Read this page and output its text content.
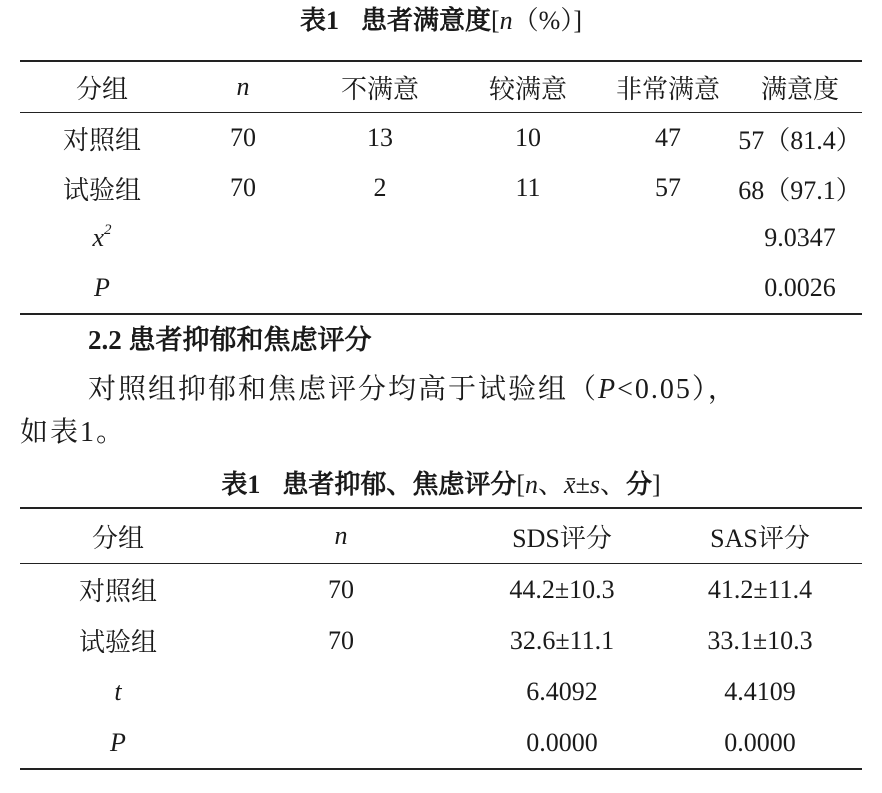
表1 患者满意度[n（%）]
分组	n	不满意	较满意	非常满意	满意度
对照组	70	13	10	47	57（81.4）
试验组	70	2	11	57	68（97.1）
$x^2$					9.0347
P					0.0026
2.2 患者抑郁和焦虑评分
对照组抑郁和焦虑评分均高于试验组（P<0.05），
如表1。
表1 患者抑郁、焦虑评分[n、x̄±s、分]
分组	n	SDS评分	SAS评分
对照组	70	44.2±10.3	41.2±11.4
试验组	70	32.6±11.1	33.1±10.3
t		6.4092	4.4109
P		0.0000	0.0000
